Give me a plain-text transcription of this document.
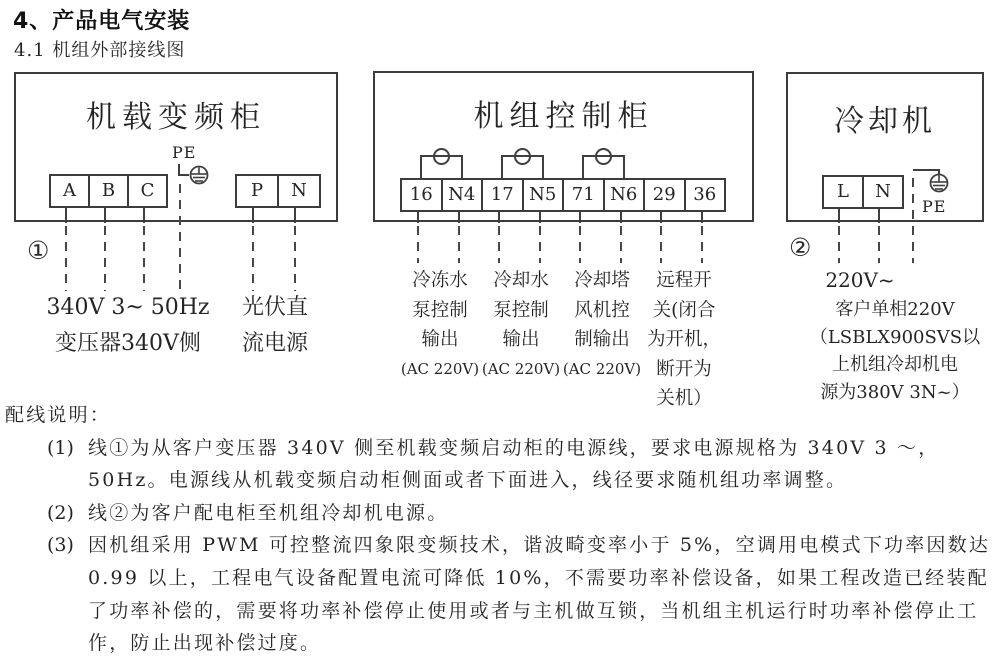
4、产品电气安装
4.1 机组外部接线图
机载变频柜
A	B	C	P	N
机组控制柜
16 N4 17 N5 71 N6 29 36
冷却机
L	N
PE
PE
①	②
340V 3~ 50Hz
变压器340V侧
光伏直
流电源
冷冻水
泵控制
输出
(AC 220V)
冷却水
泵控制
输出
(AC 220V)
冷却塔
风机控
制输出
(AC 220V)
远程开
关(闭合
为开机，
断开为
关机）
220V~
客户单相220V
（LSBLX900SVS以
上机组冷却机电
源为380V 3N~）
配线说明：
(1) 线①为从客户变压器 340V 侧至机载变频启动柜的电源线，要求电源规格为 340V 3 ～，50Hz。电源线从机载变频启动柜侧面或者下面进入，线径要求随机组功率调整。
(2) 线②为客户配电柜至机组冷却机电源。
(3) 因机组采用 PWM 可控整流四象限变频技术，谐波畸变率小于 5%，空调用电模式下功率因数达 0.99 以上，工程电气设备配置电流可降低 10%，不需要功率补偿设备，如果工程改造已经装配了功率补偿的，需要将功率补偿停止使用或者与主机做互锁，当机组主机运行时功率补偿停止工作，防止出现补偿过度。
